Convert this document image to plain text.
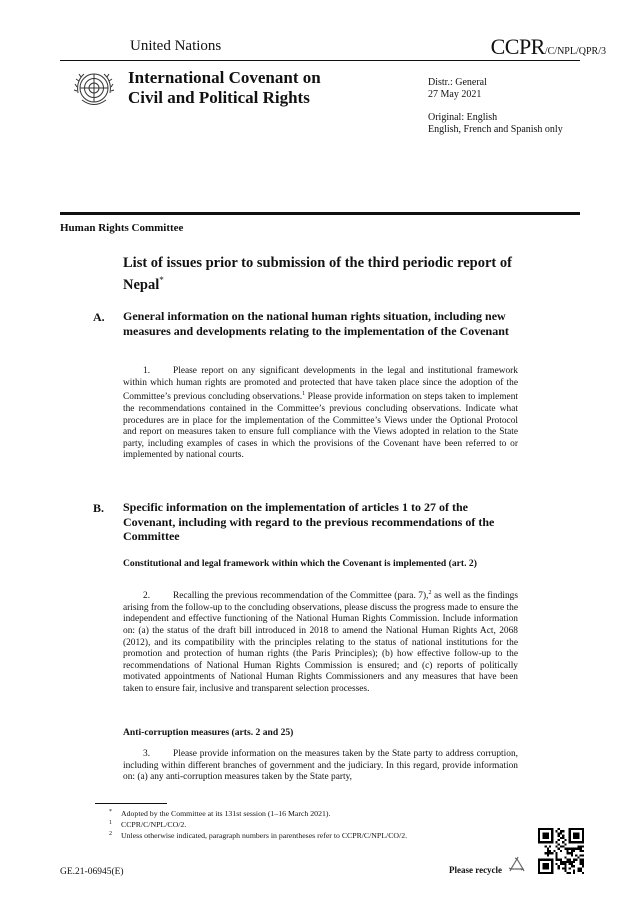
United Nations	CCPR/C/NPL/QPR/3
International Covenant on
Civil and Political Rights
Distr.: General
27 May 2021
Original: English
English, French and Spanish only
Human Rights Committee
List of issues prior to submission of the third periodic report of Nepal*
A. General information on the national human rights situation, including new measures and developments relating to the implementation of the Covenant
1. Please report on any significant developments in the legal and institutional framework within which human rights are promoted and protected that have taken place since the adoption of the Committee’s previous concluding observations.$^1$ Please provide information on steps taken to implement the recommendations contained in the Committee’s previous concluding observations. Indicate what procedures are in place for the implementation of the Committee’s Views under the Optional Protocol and report on measures taken to ensure full compliance with the Views adopted in relation to the State party, including examples of cases in which the provisions of the Covenant have been referred to or implemented by national courts.
B. Specific information on the implementation of articles 1 to 27 of the Covenant, including with regard to the previous recommendations of the Committee
Constitutional and legal framework within which the Covenant is implemented (art. 2)
2. Recalling the previous recommendation of the Committee (para. 7),$^2$ as well as the findings arising from the follow-up to the concluding observations, please discuss the progress made to ensure the independent and effective functioning of the National Human Rights Commission. Include information on: (a) the status of the draft bill introduced in 2018 to amend the National Human Rights Act, 2068 (2012), and its compatibility with the principles relating to the status of national institutions for the promotion and protection of human rights (the Paris Principles); (b) how effective follow-up to the recommendations of National Human Rights Commission is ensured; and (c) reports of politically motivated appointments of National Human Rights Commissioners and any measures that have been taken to ensure fair, inclusive and transparent selection processes.
Anti-corruption measures (arts. 2 and 25)
3. Please provide information on the measures taken by the State party to address corruption, including within different branches of government and the judiciary. In this regard, provide information on: (a) any anti-corruption measures taken by the State party,
* Adopted by the Committee at its 131st session (1–16 March 2021).
1 CCPR/C/NPL/CO/2.
2 Unless otherwise indicated, paragraph numbers in parentheses refer to CCPR/C/NPL/CO/2.
GE.21-06945(E)	Please recycle
